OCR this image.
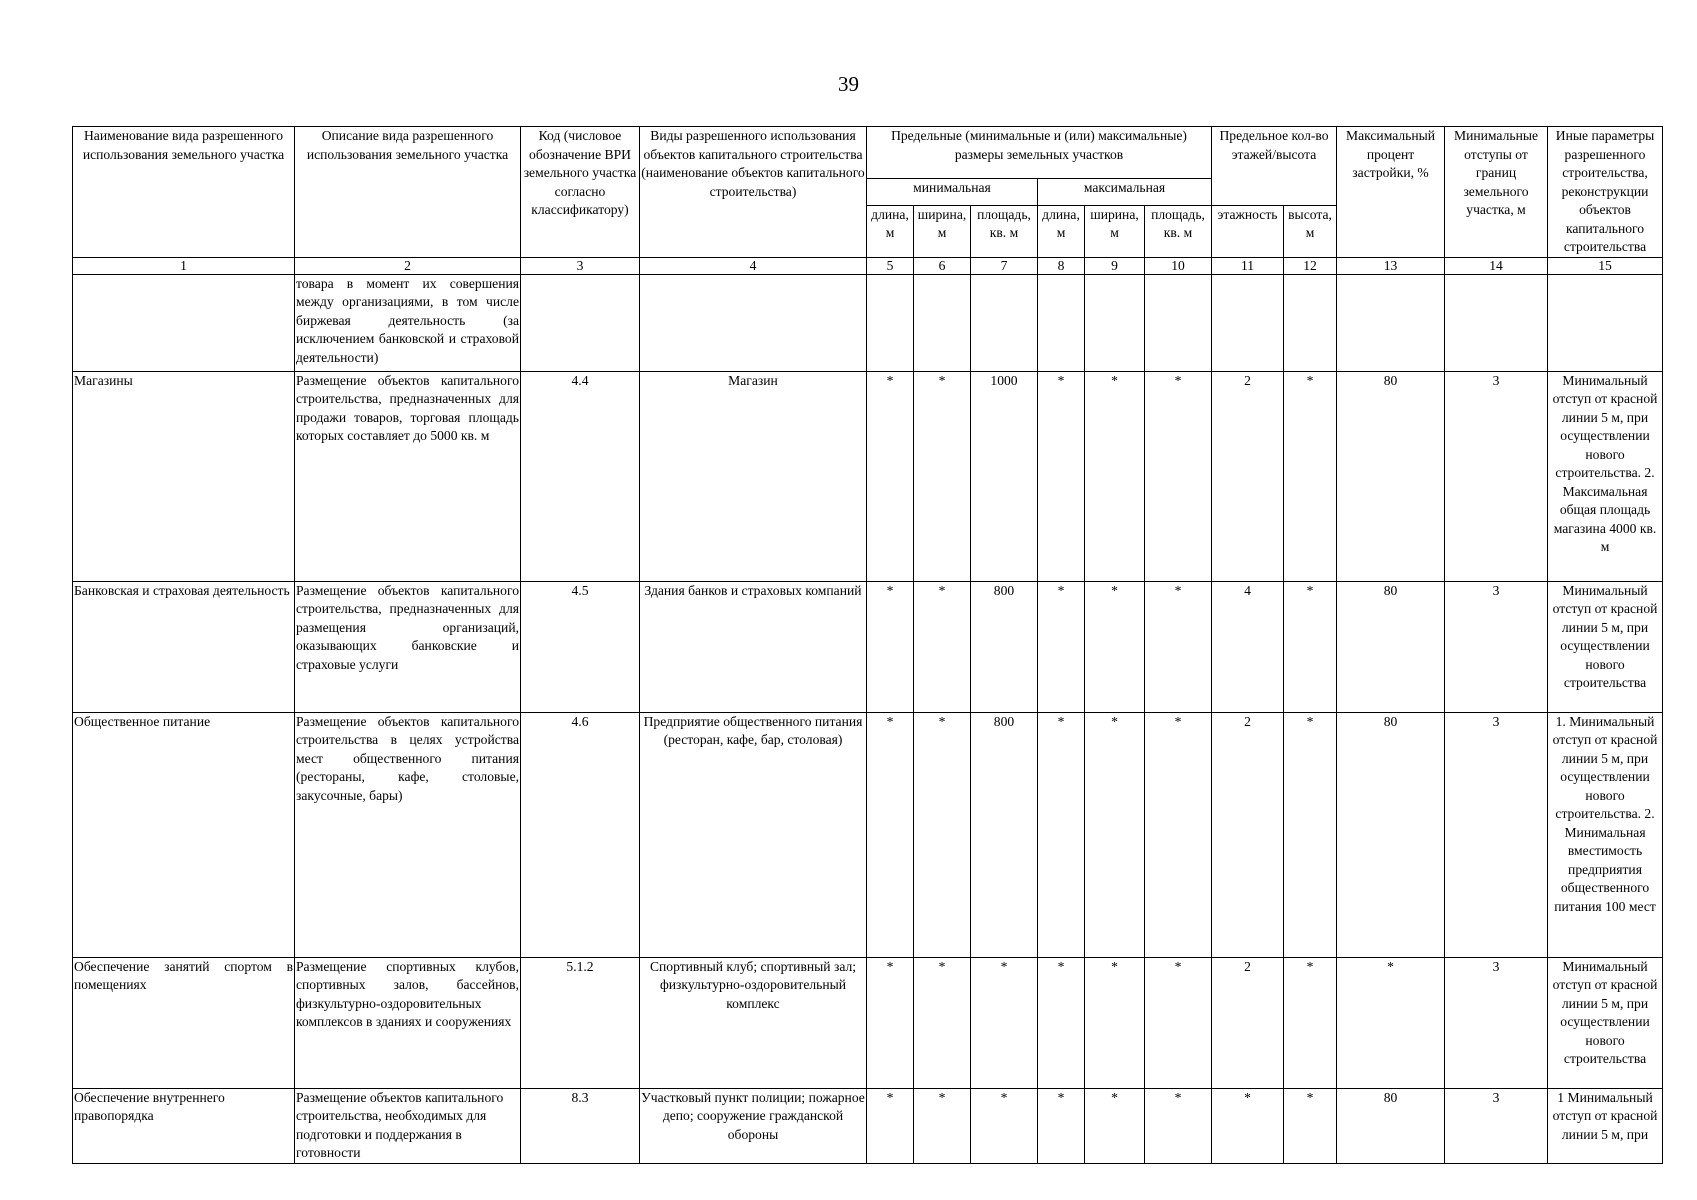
39
Наименование вида разрешенного использования земельного участка	Описание вида разрешенного использования земельного участка	Код (числовое обозначение ВРИ земельного участка согласно классификатору)	Виды разрешенного использования объектов капитального строительства (наименование объектов капитального строительства)	Предельные (минимальные и (или) максимальные) размеры земельных участков						Предельное кол-во этажей/высота		Максимальный процент застройки, %	Минимальные отступы от границ земельного участка, м	Иные параметры разрешенного строительства, реконструкции объектов капитального строительства
				минимальная			максимальная							
				длина, м	ширина, м	площадь, кв. м	длина, м	ширина, м	площадь, кв. м	этажность	высота, м			
1	2	3	4	5	6	7	8	9	10	11	12	13	14	15
	товара в момент их совершения между организациями, в том числе биржевая деятельность (за исключением банковской и страховой деятельности)													
Магазины	Размещение объектов капитального строительства, предназначенных для продажи товаров, торговая площадь которых составляет до 5000 кв. м	4.4	Магазин	*	*	1000	*	*	*	2	*	80	3	Минимальный отступ от красной линии 5 м, при осуществлении нового строительства. 2. Максимальная общая площадь магазина 4000 кв. м
Банковская и страховая деятельность	Размещение объектов капитального строительства, предназначенных для размещения организаций, оказывающих банковские и страховые услуги	4.5	Здания банков и страховых компаний	*	*	800	*	*	*	4	*	80	3	Минимальный отступ от красной линии 5 м, при осуществлении нового строительства
Общественное питание	Размещение объектов капитального строительства в целях устройства мест общественного питания (рестораны, кафе, столовые, закусочные, бары)	4.6	Предприятие общественного питания (ресторан, кафе, бар, столовая)	*	*	800	*	*	*	2	*	80	3	1. Минимальный отступ от красной линии 5 м, при осуществлении нового строительства. 2. Минимальная вместимость предприятия общественного питания 100 мест
Обеспечение занятий спортом в помещениях	Размещение спортивных клубов, спортивных залов, бассейнов, физкультурно-оздоровительных комплексов в зданиях и сооружениях	5.1.2	Спортивный клуб; спортивный зал; физкультурно-оздоровительный комплекс	*	*	*	*	*	*	2	*	*	3	Минимальный отступ от красной линии 5 м, при осуществлении нового строительства
Обеспечение внутреннего правопорядка	Размещение объектов капитального строительства, необходимых для подготовки и поддержания в готовности	8.3	Участковый пункт полиции; пожарное депо; сооружение гражданской обороны	*	*	*	*	*	*	*	*	80	3	1 Минимальный отступ от красной линии 5 м, при
